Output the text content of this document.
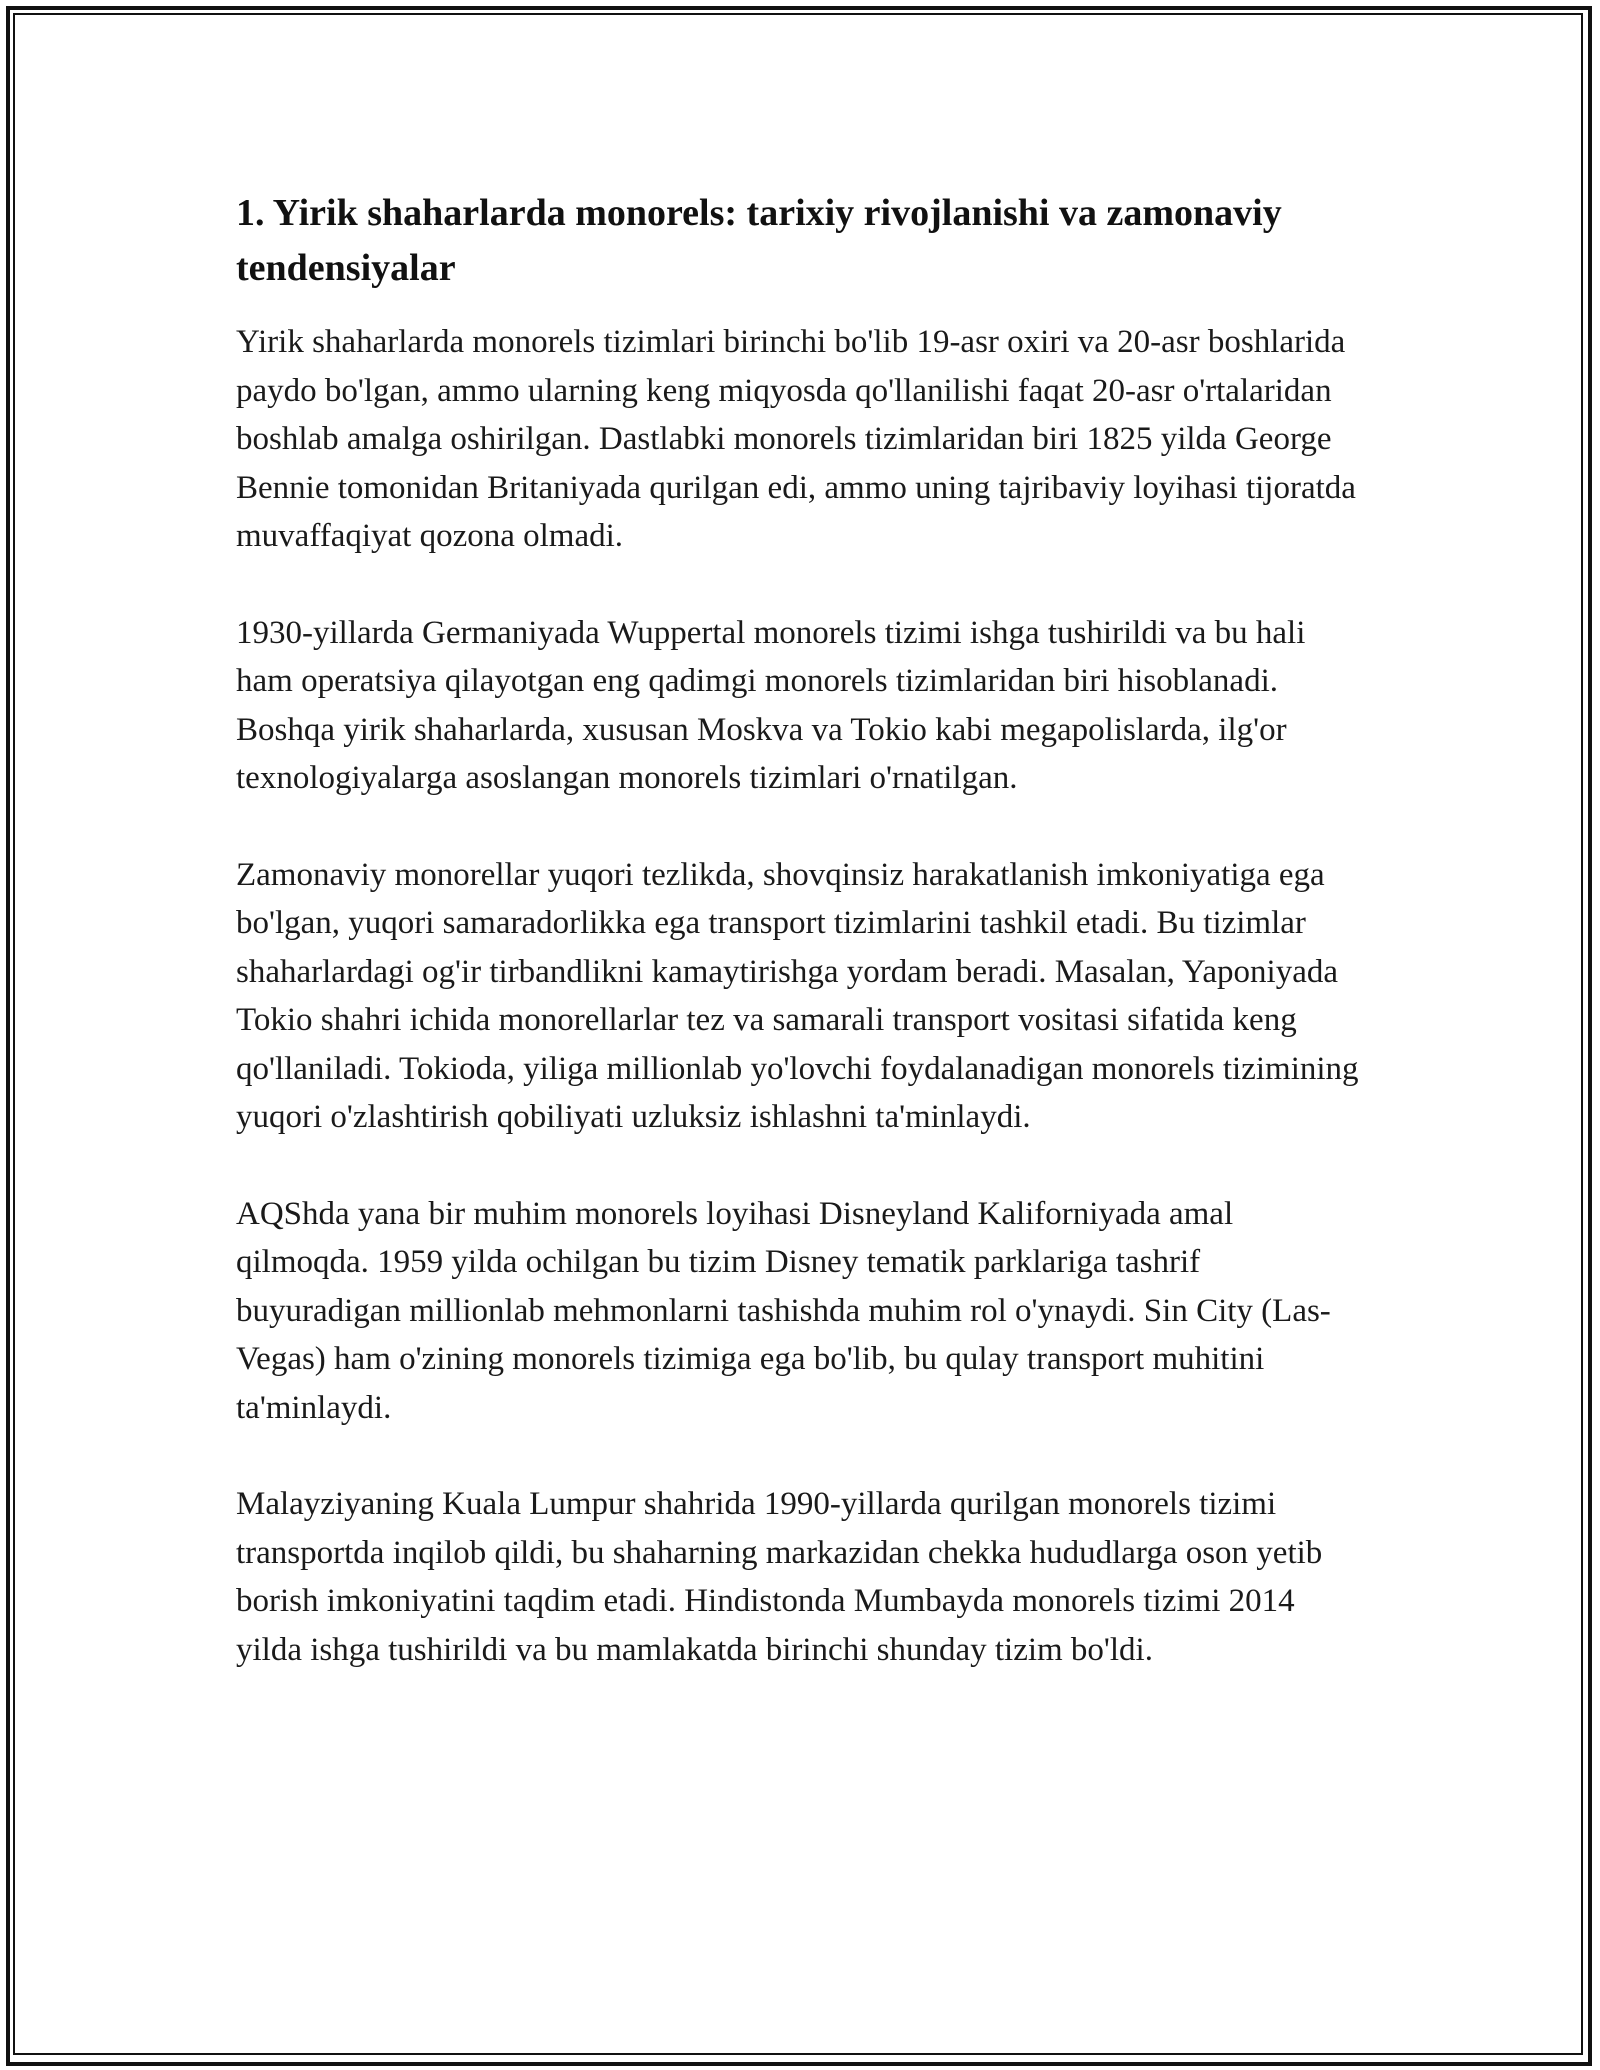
1. Yirik shaharlarda monorels: tarixiy rivojlanishi va zamonaviy tendensiyalar

Yirik shaharlarda monorels tizimlari birinchi bo'lib 19-asr oxiri va 20-asr boshlarida paydo bo'lgan, ammo ularning keng miqyosda qo'llanilishi faqat 20-asr o'rtalaridan boshlab amalga oshirilgan. Dastlabki monorels tizimlaridan biri 1825 yilda George Bennie tomonidan Britaniyada qurilgan edi, ammo uning tajribaviy loyihasi tijoratda muvaffaqiyat qozona olmadi.

1930-yillarda Germaniyada Wuppertal monorels tizimi ishga tushirildi va bu hali ham operatsiya qilayotgan eng qadimgi monorels tizimlaridan biri hisoblanadi. Boshqa yirik shaharlarda, xususan Moskva va Tokio kabi megapolislarda, ilg'or texnologiyalarga asoslangan monorels tizimlari o'rnatilgan.

Zamonaviy monorellar yuqori tezlikda, shovqinsiz harakatlanish imkoniyatiga ega bo'lgan, yuqori samaradorlikka ega transport tizimlarini tashkil etadi. Bu tizimlar shaharlardagi og'ir tirbandlikni kamaytirishga yordam beradi. Masalan, Yaponiyada Tokio shahri ichida monorellarlar tez va samarali transport vositasi sifatida keng qo'llaniladi. Tokioda, yiliga millionlab yo'lovchi foydalanadigan monorels tizimining yuqori o'zlashtirish qobiliyati uzluksiz ishlashni ta'minlaydi.

AQShda yana bir muhim monorels loyihasi Disneyland Kaliforniyada amal qilmoqda. 1959 yilda ochilgan bu tizim Disney tematik parklariga tashrif buyuradigan millionlab mehmonlarni tashishda muhim rol o'ynaydi. Sin City (Las-Vegas) ham o'zining monorels tizimiga ega bo'lib, bu qulay transport muhitini ta'minlaydi.

Malayziyaning Kuala Lumpur shahrida 1990-yillarda qurilgan monorels tizimi transportda inqilob qildi, bu shaharning markazidan chekka hududlarga oson yetib borish imkoniyatini taqdim etadi. Hindistonda Mumbayda monorels tizimi 2014 yilda ishga tushirildi va bu mamlakatda birinchi shunday tizim bo'ldi.
